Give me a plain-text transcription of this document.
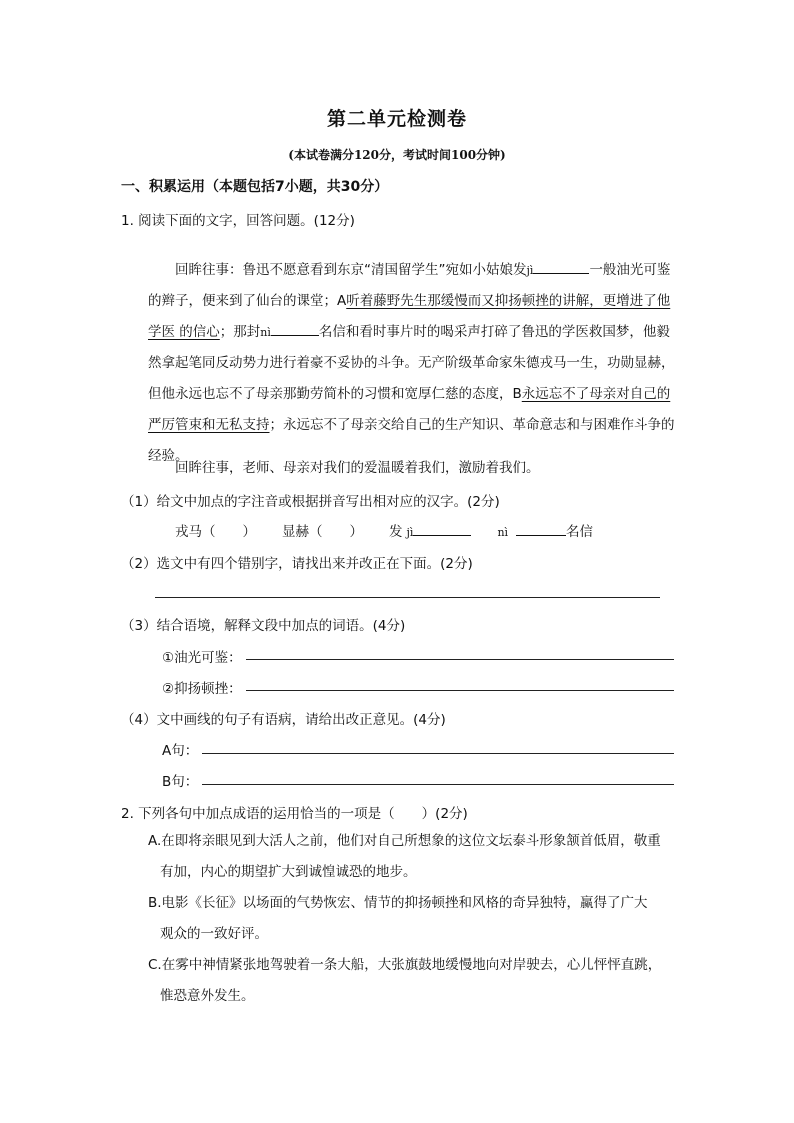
第二单元检测卷
(本试卷满分120分，考试时间100分钟)
一、积累运用（本题包括7小题，共30分）
1. 阅读下面的文字，回答问题。(12分)

回眸往事：鲁迅不愿意看到东京“清国留学生”宛如小姑娘发jì	一般油光可鉴的辫子，便来到了仙台的课堂；A听着藤野先生那缓慢而又抑扬顿挫的讲解，更增进了他学医 的信心；那封nì	名信和看时事片时的喝采声打碎了鲁迅的学医救国梦，他毅然拿起笔同反动势力进行着豪不妥协的斗争。无产阶级革命家朱德戎马一生，功勋显赫，但他永远也忘不了母亲那勤劳简朴的习惯和宽厚仁慈的态度，B永远忘不了母亲对自己的严厉管束和无私支持；永远忘不了母亲交给自己的生产知识、革命意志和与困难作斗争的经验。

回眸往事，老师、母亲对我们的爱温暖着我们，激励着我们。

（1）给文中加点的字注音或根据拼音写出相对应的汉字。(2分)
戎马（　　） 显赫（　　） 发 jì	nì	名信
（2）选文中有四个错别字，请找出来并改正在下面。(2分)
（3）结合语境，解释文段中加点的词语。(4分)
①油光可鉴：
②抑扬顿挫：
（4）文中画线的句子有语病，请给出改正意见。(4分)
A句：
B句：
2. 下列各句中加点成语的运用恰当的一项是（　　）(2分)
A.在即将亲眼见到大活人之前，他们对自己所想象的这位文坛泰斗形象颔首低眉，敬重
有加，内心的期望扩大到诚惶诚恐的地步。
B.电影《长征》以场面的气势恢宏、情节的抑扬顿挫和风格的奇异独特，赢得了广大
观众的一致好评。
C.在雾中神情紧张地驾驶着一条大船，大张旗鼓地缓慢地向对岸驶去，心儿怦怦直跳，
惟恐意外发生。
